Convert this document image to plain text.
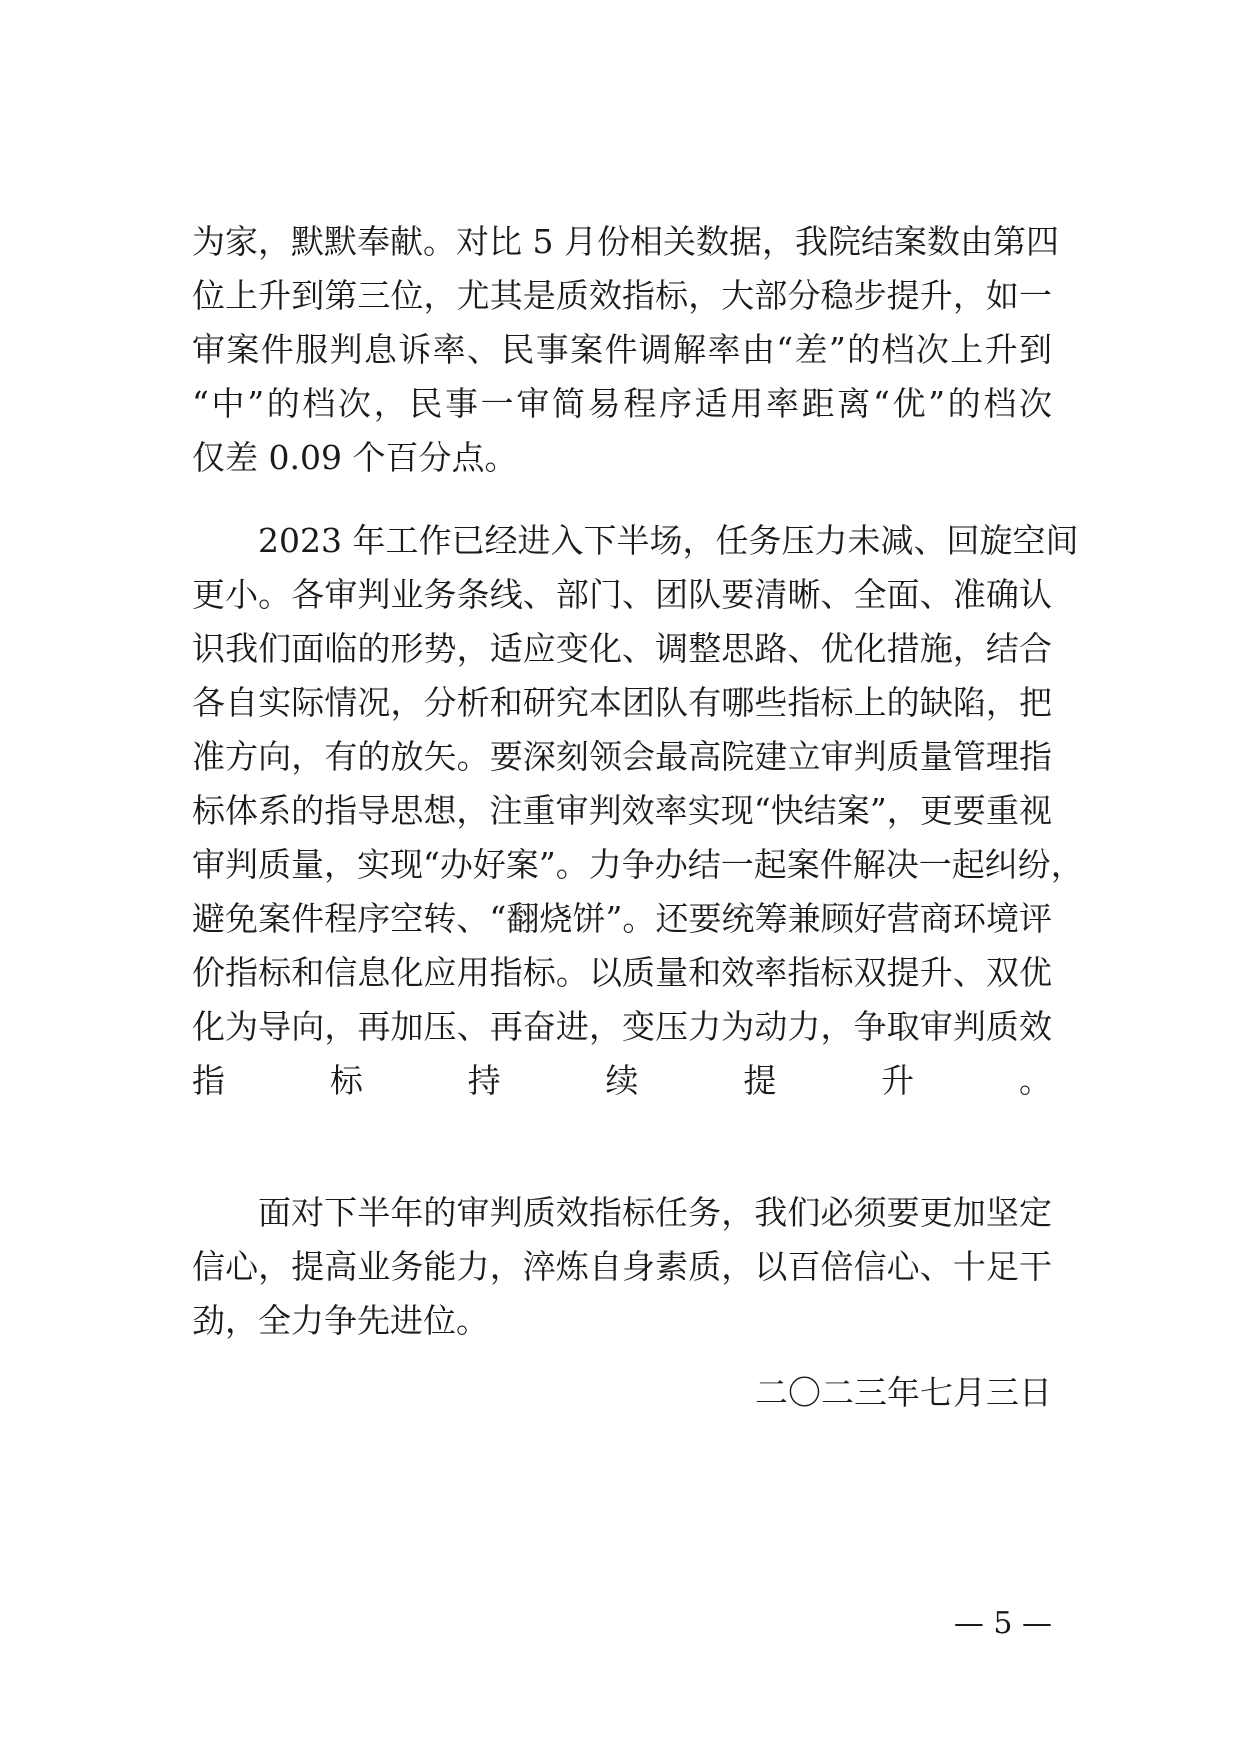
为家，默默奉献。对比 5 月份相关数据，我院结案数由第四
位上升到第三位，尤其是质效指标，大部分稳步提升，如一
审案件服判息诉率、民事案件调解率由“差”的档次上升到
“中”的档次，民事一审简易程序适用率距离“优”的档次
仅差 0.09 个百分点。
2023 年工作已经进入下半场，任务压力未减、回旋空间
更小。各审判业务条线、部门、团队要清晰、全面、准确认
识我们面临的形势，适应变化、调整思路、优化措施，结合
各自实际情况，分析和研究本团队有哪些指标上的缺陷，把
准方向，有的放矢。要深刻领会最高院建立审判质量管理指
标体系的指导思想，注重审判效率实现“快结案”，更要重视
审判质量，实现“办好案”。力争办结一起案件解决一起纠纷，
避免案件程序空转、“翻烧饼”。还要统筹兼顾好营商环境评
价指标和信息化应用指标。以质量和效率指标双提升、双优
化为导向，再加压、再奋进，变压力为动力，争取审判质效
指标持续提升。
面对下半年的审判质效指标任务，我们必须要更加坚定
信心，提高业务能力，淬炼自身素质，以百倍信心、十足干
劲，全力争先进位。
二〇二三年七月三日
— 5 —
